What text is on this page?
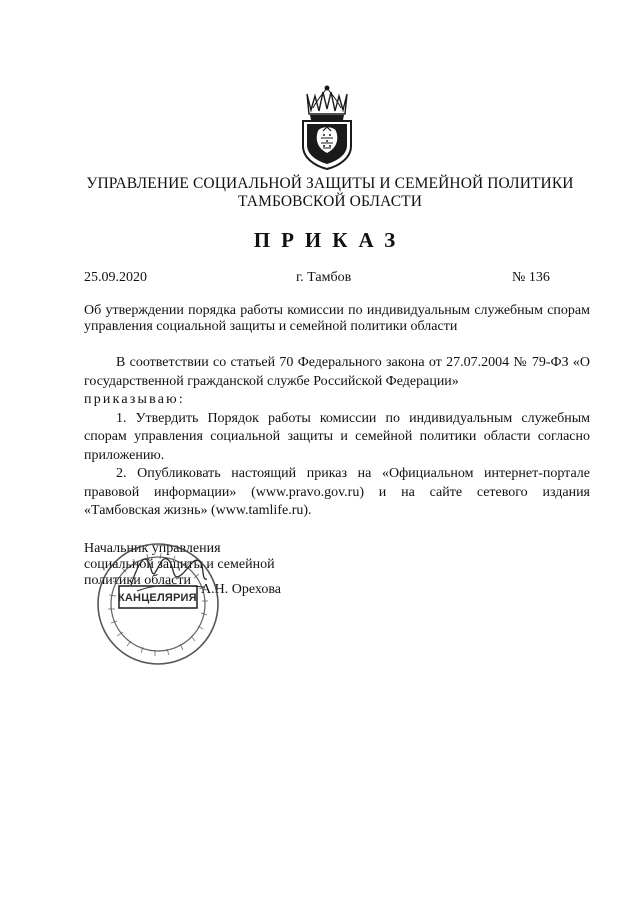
УПРАВЛЕНИЕ СОЦИАЛЬНОЙ ЗАЩИТЫ И СЕМЕЙНОЙ ПОЛИТИКИ
ТАМБОВСКОЙ ОБЛАСТИ
ПРИКАЗ
25.09.2020	г. Тамбов	№ 136
Об утверждении порядка работы комиссии по индивидуальным служебным спорам управления социальной защиты и семейной политики области

В соответствии со статьей 70 Федерального закона от 27.07.2004 № 79-ФЗ «О государственной гражданской службе Российской Федерации»

приказываю:

1. Утвердить Порядок работы комиссии по индивидуальным служебным спорам управления социальной защиты и семейной политики области согласно приложению.

2. Опубликовать настоящий приказ на «Официальном интернет-портале правовой информации» (www.pravo.gov.ru) и на сайте сетевого издания «Тамбовская жизнь» (www.tamlife.ru).

Начальник управления
социальной защиты и семейной
политики области
А.Н. Орехова
КАНЦЕЛЯРИЯ
